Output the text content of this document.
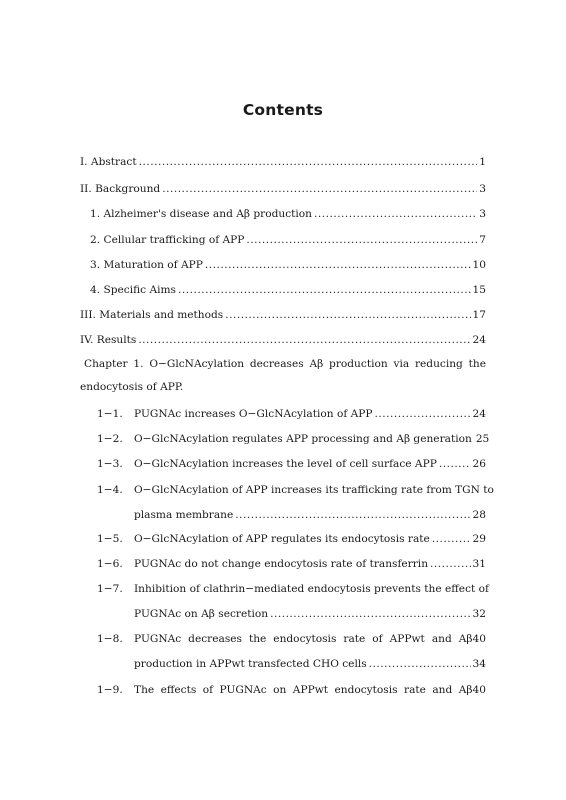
Contents
I. Abstract .....	1
II. Background .....	3
1. Alzheimer's disease and Aβ production .....	3
2. Cellular trafficking of APP .....	7
3. Maturation of APP .....	10
4. Specific Aims .....	15
III. Materials and methods .....	17
IV. Results .....	24
Chapter 1. O−GlcNAcylation decreases Aβ production via reducing the
endocytosis of APP.
1−1. PUGNAc increases O−GlcNAcylation of APP .....	24
1−2. O−GlcNAcylation regulates APP processing and Aβ generation 25
1−3. O−GlcNAcylation increases the level of cell surface APP .....	26
1−4. O−GlcNAcylation of APP increases its trafficking rate from TGN to
plasma membrane .....	28
1−5. O−GlcNAcylation of APP regulates its endocytosis rate .....	29
1−6. PUGNAc do not change endocytosis rate of transferrin .....	31
1−7. Inhibition of clathrin−mediated endocytosis prevents the effect of
PUGNAc on Aβ secretion .....	32
1−8. PUGNAc decreases the endocytosis rate of APPwt and Aβ40
production in APPwt transfected CHO cells .....	34
1−9. The effects of PUGNAc on APPwt endocytosis rate and Aβ40
